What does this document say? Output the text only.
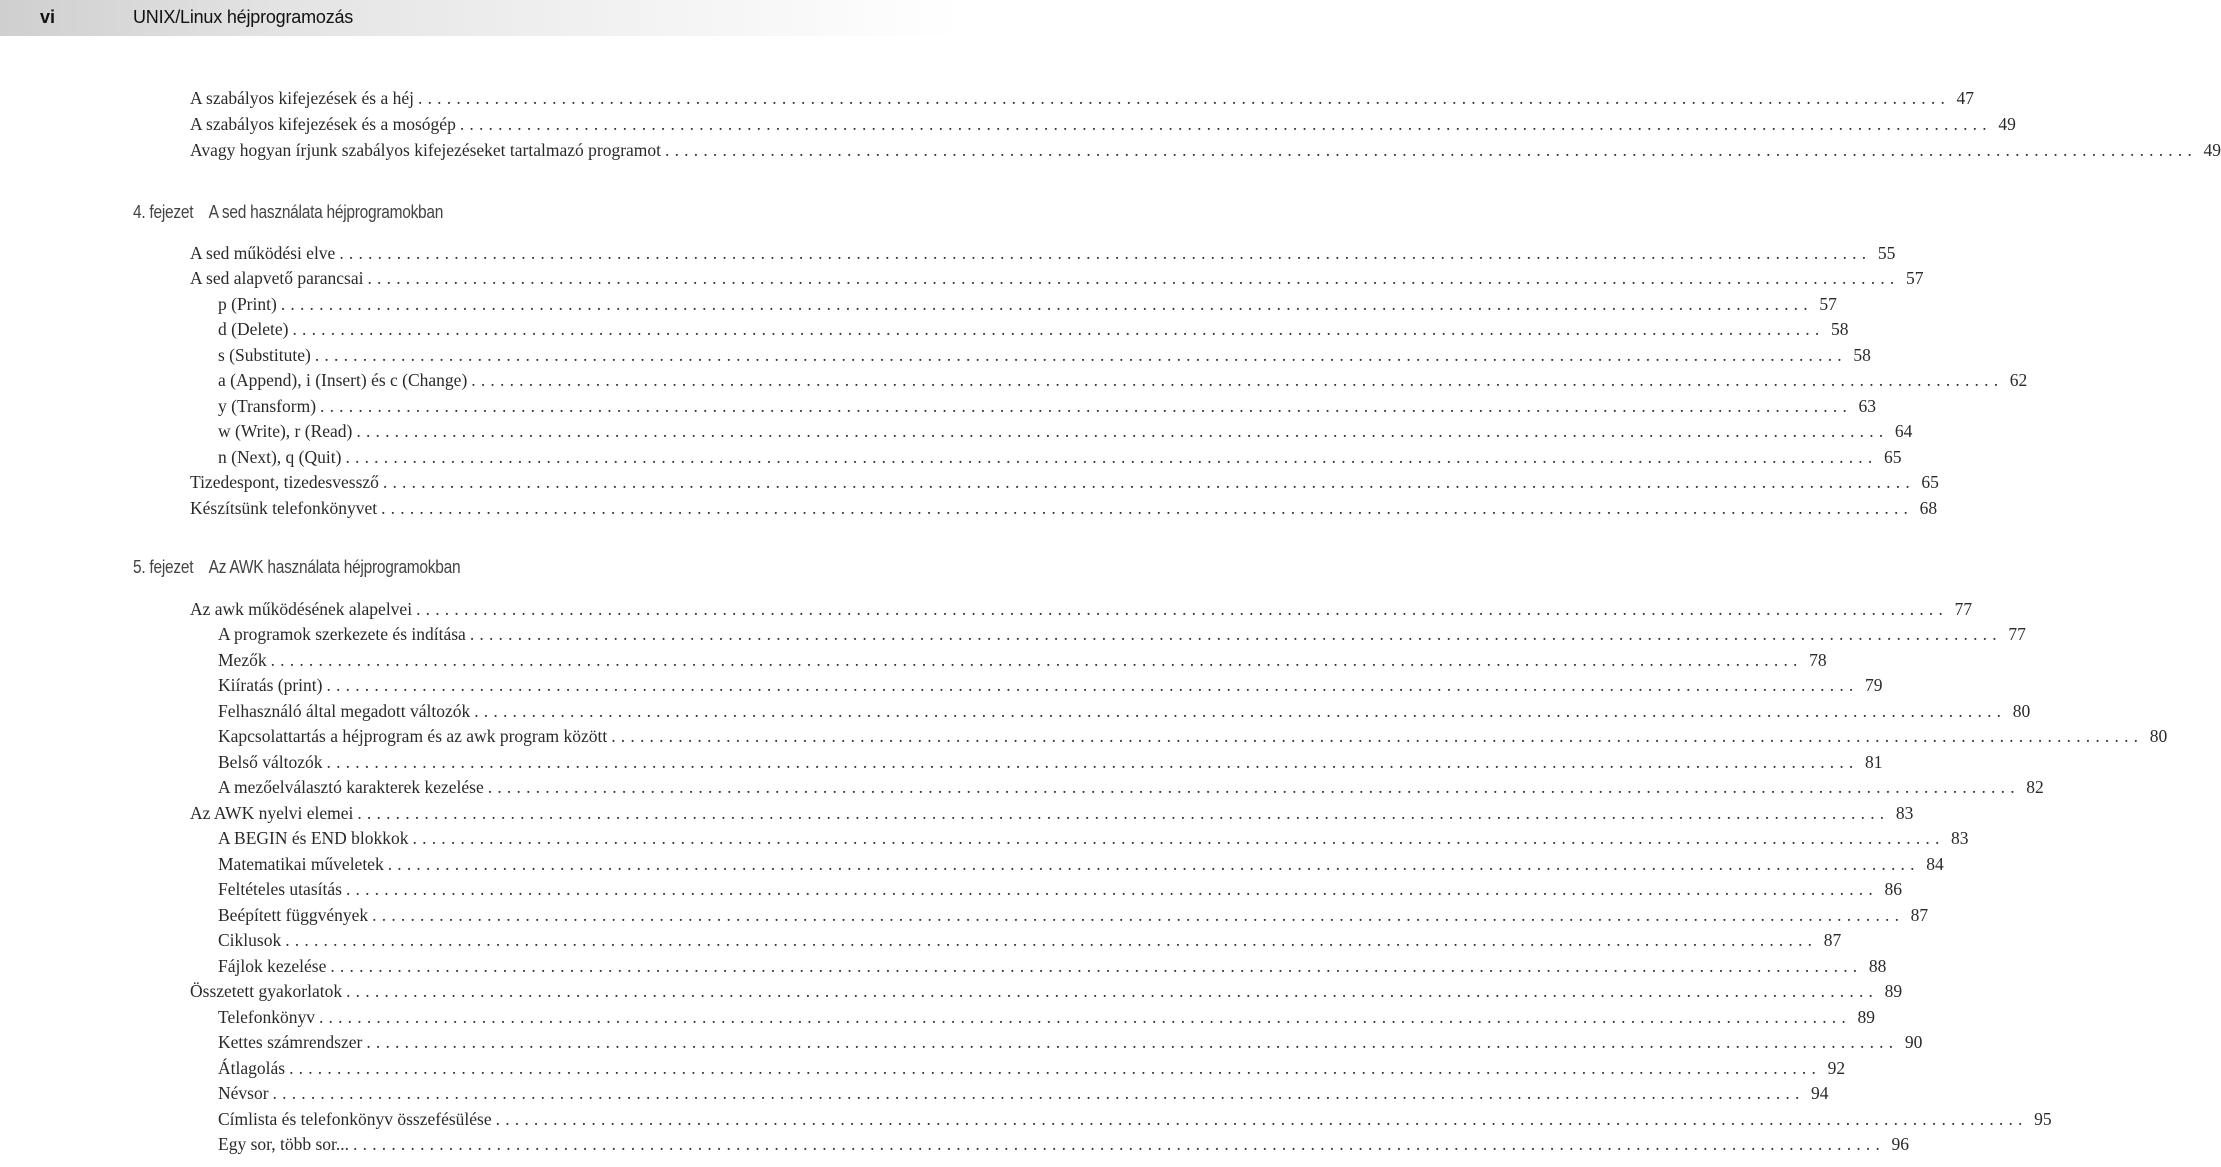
vi	UNIX/Linux héjprogramozás
4. fejezet A sed használata héjprogramokban
5. fejezet Az AWK használata héjprogramokban
A szabályos kifejezések és a héj ................................................................................................................................................................ 47
A szabályos kifejezések és a mosógép ................................................................................................................................................................ 49
Avagy hogyan írjunk szabályos kifejezéseket tartalmazó programot ................................................................................................................................................................ 49
A sed működési elve ................................................................................................................................................................ 55
A sed alapvető parancsai ................................................................................................................................................................ 57
p (Print) ................................................................................................................................................................ 57
d (Delete) ................................................................................................................................................................ 58
s (Substitute) ................................................................................................................................................................ 58
a (Append), i (Insert) és c (Change) ................................................................................................................................................................ 62
y (Transform) ................................................................................................................................................................ 63
w (Write), r (Read) ................................................................................................................................................................ 64
n (Next), q (Quit) ................................................................................................................................................................ 65
Tizedespont, tizedesvessző ................................................................................................................................................................ 65
Készítsünk telefonkönyvet ................................................................................................................................................................ 68
Az awk működésének alapelvei ................................................................................................................................................................ 77
A programok szerkezete és indítása ................................................................................................................................................................ 77
Mezők ................................................................................................................................................................ 78
Kiíratás (print) ................................................................................................................................................................ 79
Felhasználó által megadott változók ................................................................................................................................................................ 80
Kapcsolattartás a héjprogram és az awk program között ................................................................................................................................................................ 80
Belső változók ................................................................................................................................................................ 81
A mezőelválasztó karakterek kezelése ................................................................................................................................................................ 82
Az AWK nyelvi elemei ................................................................................................................................................................ 83
A BEGIN és END blokkok ................................................................................................................................................................ 83
Matematikai műveletek ................................................................................................................................................................ 84
Feltételes utasítás ................................................................................................................................................................ 86
Beépített függvények ................................................................................................................................................................ 87
Ciklusok ................................................................................................................................................................ 87
Fájlok kezelése ................................................................................................................................................................ 88
Összetett gyakorlatok ................................................................................................................................................................ 89
Telefonkönyv ................................................................................................................................................................ 89
Kettes számrendszer ................................................................................................................................................................ 90
Átlagolás ................................................................................................................................................................ 92
Névsor ................................................................................................................................................................ 94
Címlista és telefonkönyv összefésülése ................................................................................................................................................................ 95
Egy sor, több sor... ................................................................................................................................................................ 96
